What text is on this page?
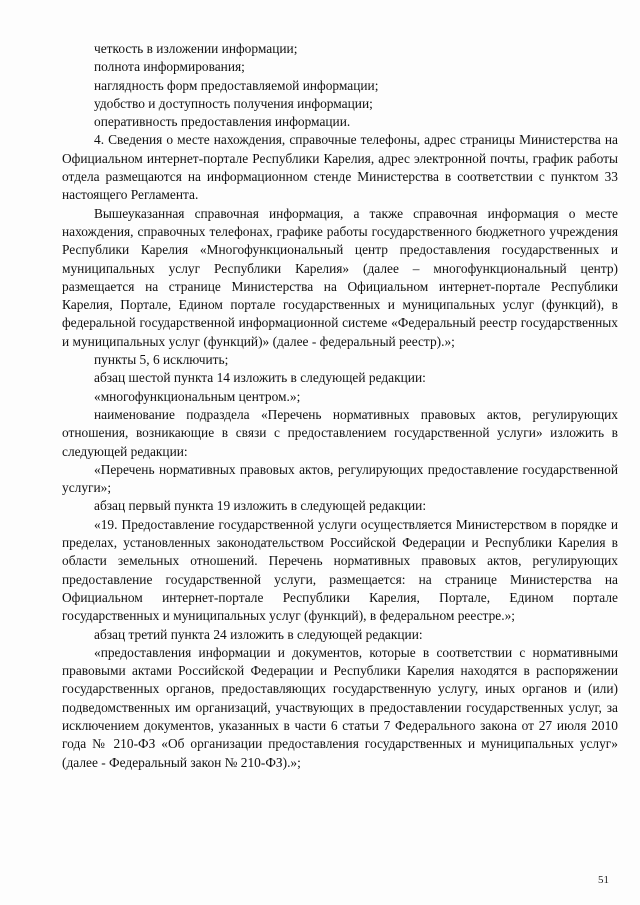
четкость в изложении информации;

полнота информирования;

наглядность форм предоставляемой информации;

удобство и доступность получения информации;

оперативность предоставления информации.

4. Сведения о месте нахождения, справочные телефоны, адрес страницы Министерства на Официальном интернет-портале Республики Карелия, адрес электронной почты, график работы отдела размещаются на информационном стенде Министерства в соответствии с пунктом 33 настоящего Регламента.

Вышеуказанная справочная информация, а также справочная информация о месте нахождения, справочных телефонах, графике работы государственного бюджетного учреждения Республики Карелия «Многофункциональный центр предоставления государственных и муниципальных услуг Республики Карелия» (далее – многофункциональный центр) размещается на странице Министерства на Официальном интернет-портале Республики Карелия, Портале, Едином портале государственных и муниципальных услуг (функций), в федеральной государственной информационной системе «Федеральный реестр государственных и муниципальных услуг (функций)» (далее - федеральный реестр).»;

пункты 5, 6 исключить;

абзац шестой пункта 14 изложить в следующей редакции:

«многофункциональным центром.»;

наименование подраздела «Перечень нормативных правовых актов, регулирующих отношения, возникающие в связи с предоставлением государственной услуги» изложить в следующей редакции:

«Перечень нормативных правовых актов, регулирующих предоставление государственной услуги»;

абзац первый пункта 19 изложить в следующей редакции:

«19. Предоставление государственной услуги осуществляется Министерством в порядке и пределах, установленных законодательством Российской Федерации и Республики Карелия в области земельных отношений. Перечень нормативных правовых актов, регулирующих предоставление государственной услуги, размещается: на странице Министерства на Официальном интернет-портале Республики Карелия, Портале, Едином портале государственных и муниципальных услуг (функций), в федеральном реестре.»;

абзац третий пункта 24 изложить в следующей редакции:

«предоставления информации и документов, которые в соответствии с нормативными правовыми актами Российской Федерации и Республики Карелия находятся в распоряжении государственных органов, предоставляющих государственную услугу, иных органов и (или) подведомственных им организаций, участвующих в предоставлении государственных услуг, за исключением документов, указанных в части 6 статьи 7 Федерального закона от 27 июля 2010 года № 210-ФЗ «Об организации предоставления государственных и муниципальных услуг» (далее - Федеральный закон № 210-ФЗ).»;

51
